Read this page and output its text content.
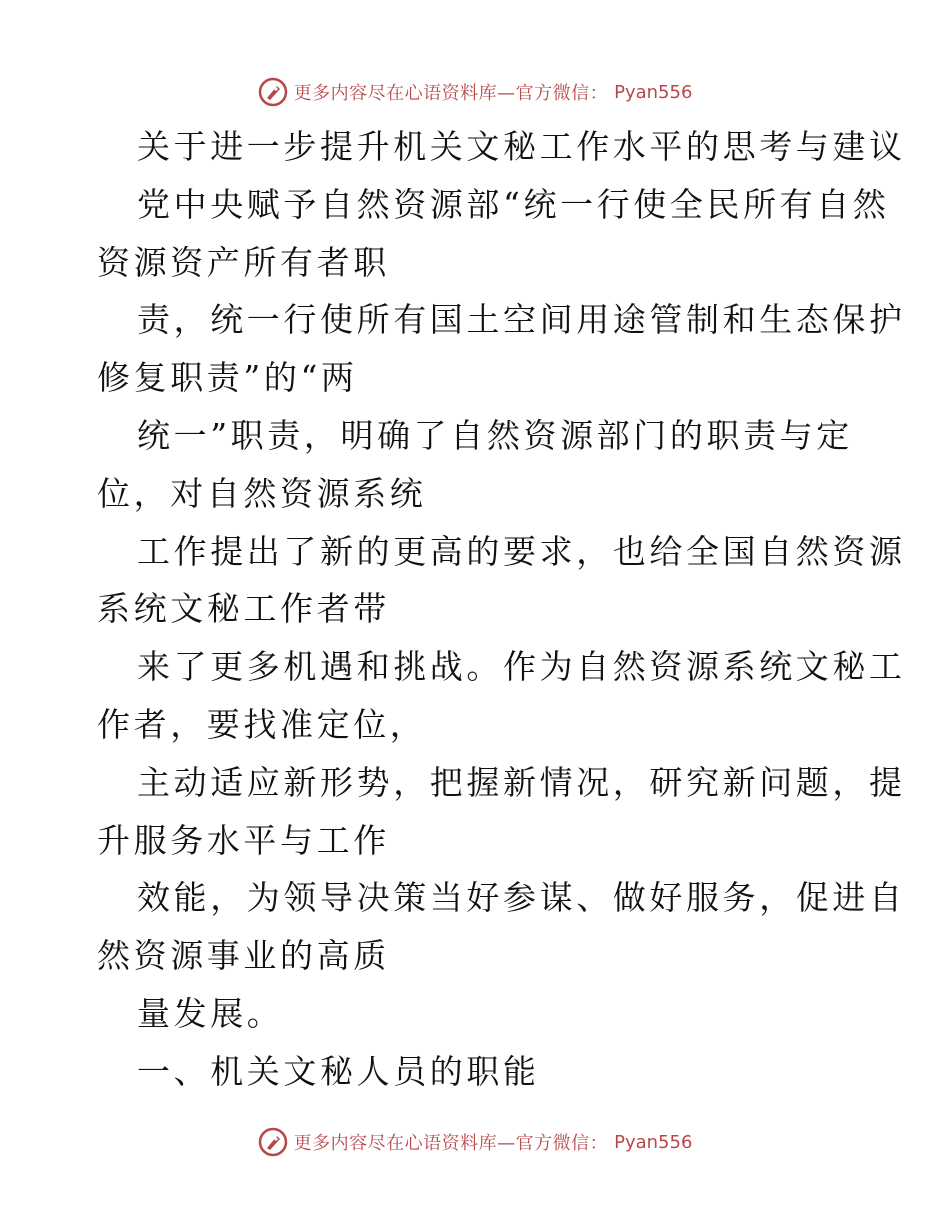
更多内容尽在心语资料库—官方微信： Pyan556
关于进一步提升机关文秘工作水平的思考与建议
党中央赋予自然资源部“统一行使全民所有自然
资源资产所有者职
责，统一行使所有国土空间用途管制和生态保护
修复职责”的“两
统一”职责，明确了自然资源部门的职责与定
位，对自然资源系统
工作提出了新的更高的要求，也给全国自然资源
系统文秘工作者带
来了更多机遇和挑战。作为自然资源系统文秘工
作者，要找准定位，
主动适应新形势，把握新情况，研究新问题，提
升服务水平与工作
效能，为领导决策当好参谋、做好服务，促进自
然资源事业的高质
量发展。
一、机关文秘人员的职能
更多内容尽在心语资料库—官方微信： Pyan556
